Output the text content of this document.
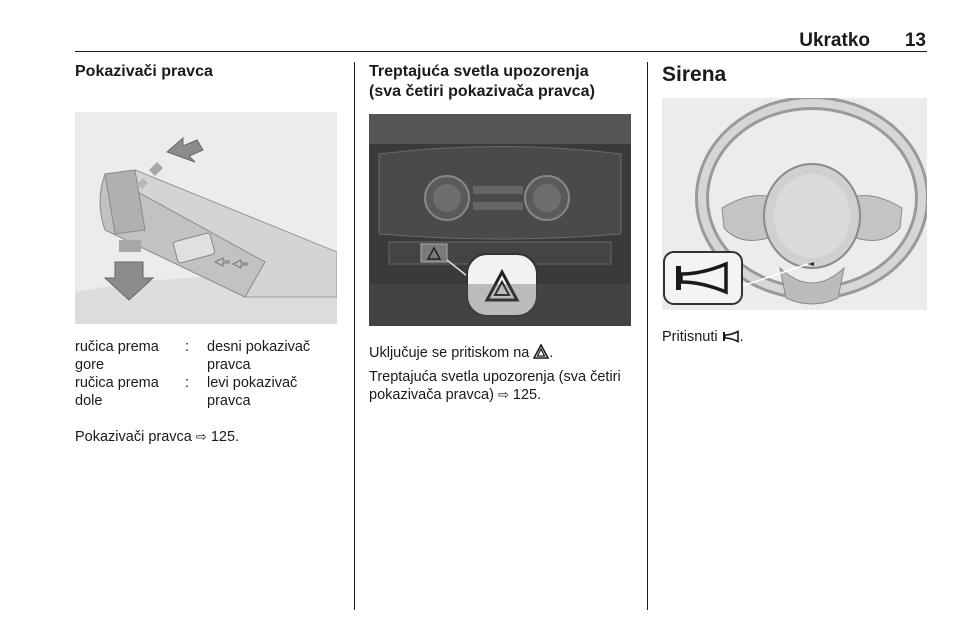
Ukratko	13
Pokazivači pravca
ručica prema gore
:	desni pokazivač pravca
ručica prema dole
:	levi pokazivač pravca

Pokazivači pravca ⇨ 125.

Treptajuća svetla upozorenja
(sva četiri pokazivača pravca)

Uključuje se pritiskom na .

Treptajuća svetla upozorenja (sva četiri pokazivača pravca) ⇨ 125.

Sirena

Pritisnuti .
